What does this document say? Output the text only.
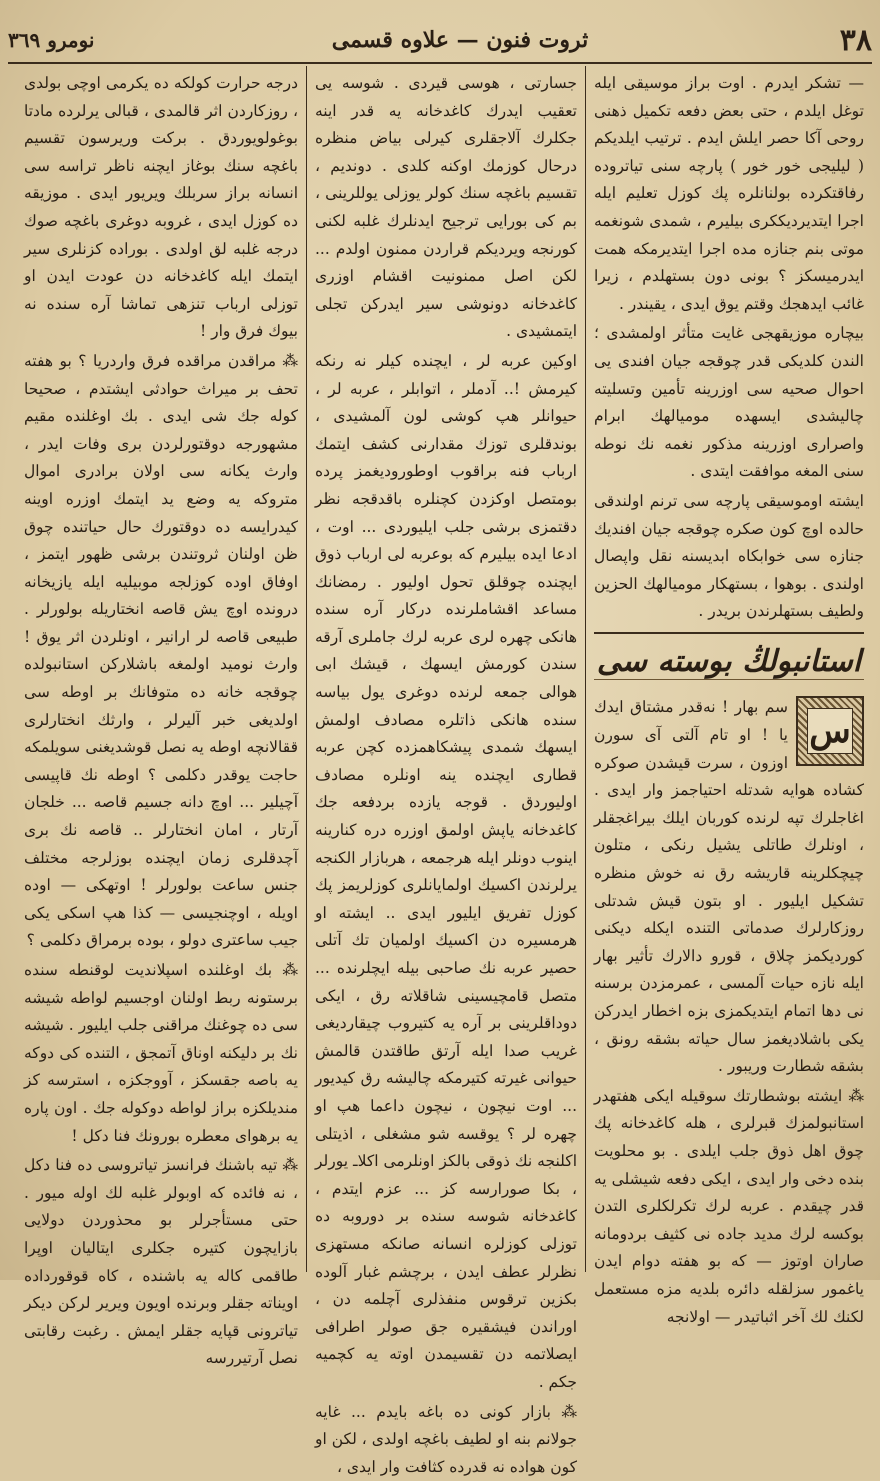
٣٨
ثروت فنون — علاوه قسمی
نومرو ٣٦٩

— تشكر ايدرم . اوت براز موسيقى ايله توغل ايلدم ، حتى بعض دفعه تكميل ذهنى روحى آكا حصر ايلش ايدم . ترتيب ايلديكم ( ليليجى خور خور ) پارچه سنى تياتروده رفاقتكرده بولنانلره پك كوزل تعليم ايله اجرا ايتديرديككرى بيليرم ، شمدى شونغمه موتى بنم جنازه مده اجرا ايتديرمكه همت ايدرميسكز ؟ بونى دون بستهلدم ، زيرا غائب ايدهجك وقتم يوق ايدى ، يقيندر .

بيچاره موزيقهجى غايت متأثر اولمشدى ؛ الندن كلديكى قدر چوقجه جيان افندى يى احوال صحيه سى اوزرينه تأمين وتسليته چاليشدى ايسهده موميالهك ابرام واصرارى اوزرينه مذكور نغمه نك نوطه سنى المغه موافقت ايتدى .

ايشته اوموسيقى پارچه سى ترنم اولندقى حالده اوچ كون صكره چوقجه جيان افنديك جنازه سى خوابكاه ابديسنه نقل واپصال اولندى . بوهوا ، بستهكار موميالهك الحزين ولطيف بستهلرندن بريدر .

استانبولڭ بوسته سى
س

سم بهار ! نەقدر مشتاق ايدك يا ! او تام آلتى آى سورن اوزون ، سرت قيشدن صوكره كشاده هوايه شدتله احتياجمز وار ايدى . اغاجلرك تپه لرنده كوربان ايلك بيراغجقلر ، اونلرك طاتلى يشيل رنكى ، متلون چيچكلرينه قاريشه رق نه خوش منظره تشكيل ايليور . او بتون قيش شدتلى روزكارلرك صدماتى التنده ايكله ديكنى كورديكمز چلاق ، قورو دالارك تأثير بهار ايله نازه حيات آلمسى ، عمرمزدن برسنه نى دها اتمام ايتديكمزى بزه اخطار ايدركن يكى باشلاديغمز سال حياته بشقه رونق ، بشقه شطارت وريبور .

⁂ ايشته بوشطارتك سوقيله ايكى هفتهدر استانبولمزك قبرلرى ، هله كاغدخانه پك چوق اهل ذوق جلب ايلدى . بو محلويت بنده دخى وار ايدى ، ايكى دفعه شيشلى يه قدر چيقدم . عربه لرك تكرلكلرى التدن بوكسه لرك مديد جاده نى كثيف بردومانه صاران اوتوز — كه بو هفته دوام ايدن ياغمور سزلقله دائره بلديه مزه مستعمل لكنك لك آخر اثباتيدر — اولانجه

جسارتى ، هوسى قيردى . شوسه يى تعقيب ايدرك كاغدخانه يه قدر اينه جكلرك آلاجقلرى كيرلى بياض منظره درحال كوزمك اوكنه كلدى . دونديم ، تقسيم باغچه سنك كولر يوزلى يوللرينى ، بم كى بورايى ترجيح ايدنلرك غلبه لكنى كورنجه ويرديكم قراردن ممنون اولدم ... لكن اصل ممنونيت اقشام اوزرى كاغدخانه دونوشى سير ايدركن تجلى ايتمشيدى .

اوكين عربه لر ، ايچنده كيلر نه رنكه كيرمش !.. آدملر ، اتوابلر ، عربه لر ، حيوانلر هپ كوشى لون آلمشيدى ، بوندقلرى توزك مقدارنى كشف ايتمك ارباب فنه براقوب اوطوروديغمز پرده بومتصل اوكزدن كچنلره باقدقجه نظر دقتمزى برشى جلب ايليوردى ... اوت ، ادعا ايده بيليرم كه بوعربه لى ارباب ذوق ايچنده چوقلق تحول اوليور . رمضانك مساعد اقشاملرنده دركار آره سنده هانكى چهره لرى عربه لرك جاملرى آرقه سندن كورمش ايسهك ، قيشك ابى هوالى جمعه لرنده دوغرى يول بياسه سنده هانكى ذاتلره مصادف اولمش ايسهك شمدى پيشكاهمزده كچن عربه قطارى ايچنده ينه اونلره مصادف اوليوردق . قوجه يازده بردفعه جك كاغدخانه ياپش اولمق اوزره دره كنارينه اينوب دونلر ايله هرجمعه ، هربازار الكنجه يرلرندن اكسيك اولمايانلرى كوزلريمز پك كوزل تفريق ايليور ايدى .. ايشته او هرمسيره دن اكسيك اولميان تك آتلى حصير عربه نك صاحبى بيله ايچلرنده ... متصل قامچيسينى شاقلاته رق ، ايكى دوداقلرينى بر آره يه كتيروب چيقارديغى غريب صدا ايله آرتق طاقتدن قالمش حيوانى غيرته كتيرمكه چاليشه رق كيديور ... اوت نيچون ، نيچون داعما هپ او چهره لر ؟ يوقسه شو مشغلى ، اذيتلى اكلنجه نك ذوقى بالكز اونلرمى اكلاـ يورلر ، بكا صورارسه كز ... عزم ايتدم ، كاغدخانه شوسه سنده بر دوروبه ده توزلى كوزلره انسانه صانكه مستهزى نظرلر عطف ايدن ، برچشم غبار آلوده بكزين ترقوس منفذلرى آچلمه دن ، اوراندن فيشقيره جق صولر اطرافى ايصلاتمه دن تقسيمدن اوته يه كچميه جكم .

⁂ بازار كونى ده باغه بايدم ... غايه جولانم بنه او لطيف باغچه اولدى ، لكن او كون هواده نه قدرده كثافت وار ايدى ،

درجه حرارت كولكه ده يكرمى اوچى بولدى ، روزكاردن اثر قالمدى ، قبالى يرلرده مادتا بوغولويوردق . بركت وريرسون تقسيم باغچه سنك بوغاز ايچنه ناظر تراسه سى انسانه براز سربلك ويريور ايدى . موزيقه ده كوزل ايدى ، غروبه دوغرى باغچه صوك درجه غلبه لق اولدى . بوراده كزنلرى سير ايتمك ايله كاغدخانه دن عودت ايدن او توزلى ارباب تنزهى تماشا آره سنده نه بيوك فرق وار !

⁂ مراقدن مراقده فرق واردريا ؟ بو هفته تحف بر ميراث حوادثى ايشتدم ، صحيحا كوله جك شى ايدى . بك اوغلنده مقيم مشهورجه دوقتورلردن برى وفات ايدر ، وارث يكانه سى اولان برادرى اموال متروكه يه وضع يد ايتمك اوزره اوينه كيدرايسه ده دوقتورك حال حياتنده چوق ظن اولنان ثروتندن برشى ظهور ايتمز ، اوفاق اوده كوزلجه موبيليه ايله يازيخانه درونده اوچ يش قاصه انختاريله بولورلر . طبيعى قاصه لر ارانير ، اونلردن اثر يوق ! وارث نوميد اولمغه باشلاركن استانبولده چوقجه خانه ده متوفانك بر اوطه سى اولديغى خبر آليرلر ، وارثك انختارلرى ققالانچه اوطه يه نصل قوشديغنى سويلمكه حاجت يوقدر دكلمى ؟ اوطه نك قاپيسى آچيلير ... اوچ دانه جسيم قاصه ... خلجان آرتار ، امان انختارلر .. قاصه نك برى آچدقلرى زمان ايچنده بوزلرجه مختلف جنس ساعت بولورلر ! اوتهكى — اوده اويله ، اوچنجيسى — كذا هپ اسكى يكى جيب ساعترى دولو ، بوده برمراق دكلمى ؟

⁂ بك اوغلنده اسپلانديت لوقنطه سنده برستونه ربط اولنان اوجسيم لواطه شيشه سى ده چوغنك مراقنى جلب ايليور . شيشه نك بر دليكنه اوناق آتمجق ، التنده كى دوكه يه باصه جقسكز ، آووجكزه ، استرسه كز منديلكزه براز لواطه دوكوله جك . اون پاره يه برهواى معطره بورونك فنا دكل !

⁂ تيه باشنك فرانسز تياتروسى ده فنا دكل ، نه فائده كه اوبولر غلبه لك اوله ميور . حتى مستأجرلر بو محذوردن دولايى بازايچون كتيره جكلرى ايتاليان اوپرا طاقمى كاله يه باشنده ، كاه قوقورداده اويناته جقلر وبرنده اويون ويرير لركن ديكر تياترونى قپايه جقلر ايمش . رغبت رقابتى نصل آرتيررسه
